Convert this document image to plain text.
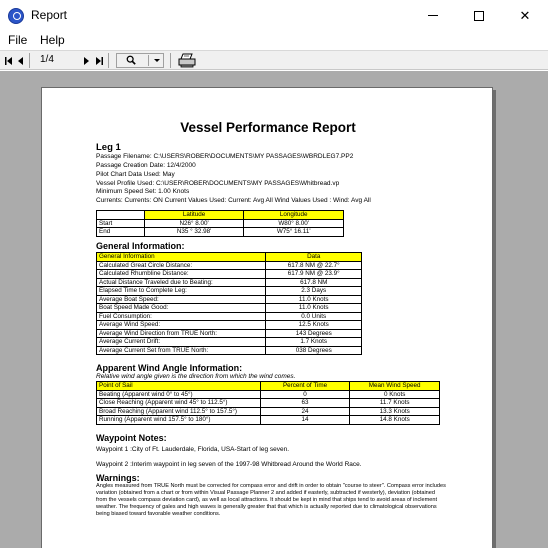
Report	✕
File Help
1/4
Vessel Performance Report
Leg 1
Passage Filename: C:\USERS\ROBER\DOCUMENTS\MY PASSAGES\WBRDLEG7.PP2
Passage Creation Date: 12/4/2000
Pilot Chart Data Used: May
Vessel Profile Used: C:\USER\ROBER\DOCUMENTS\MY PASSAGES\Whitbread.vp
Minimum Speed Set: 1.00 Knots
Currents: Currents: ON Current Values Used: Current: Avg All Wind Values Used : Wind: Avg All
	Latitude	Longitude
Start	N26° 8.00'	W80° 8.00'
End	N35 ° 32.98'	W75° 16.11'
General Information:
General Information	Data
Calculated Great Circle Distance:	617.8 NM @ 22.7°
Calculated Rhumbline Distance:	617.9 NM @ 23.9°
Actual Distance Traveled due to Beating:	617.8 NM
Elapsed Time to Complete Leg:	2.3 Days
Average Boat Speed:	11.0 Knots
Boat Speed Made Good:	11.0 Knots
Fuel Consumption:	0.0 Units
Average Wind Speed:	12.5 Knots
Average Wind Direction from TRUE North:	143 Degrees
Average Current Drift:	1.7 Knots
Average Current Set from TRUE North:	038 Degrees
Apparent Wind Angle Information:
Relative wind angle given is the direction from which the wind comes.
Point of Sail	Percent of Time	Mean Wind Speed
Beating (Apparent wind 0° to 45°)	0	0 Knots
Close Reaching (Apparent wind 45° to 112.5°)	63	11.7 Knots
Broad Reaching (Apparent wind 112.5° to 157.5°)	24	13.3 Knots
Running (Apparent wind 157.5° to 180°)	14	14.8 Knots
Waypoint Notes:
Waypoint 1 :City of Ft. Lauderdale, Florida, USA-Start of leg seven.
Waypoint 2 :Interim waypoint in leg seven of the 1997-98 Whitbread Around the World Race.
Warnings:
Angles measured from TRUE North must be corrected for compass error and drift in order to obtain "course to steer". Compass error includes variation (obtained from a chart or from within Visual Passage Planner 2 and added if easterly, subtracted if westerly), deviation (obtained from the vessels compass deviation card), as well as local attractions. It should be kept in mind that ships tend to avoid areas of inclement weather. The frequency of gales and high waves is generally greater that that which is actually reported due to climatological observations being biased toward favorable weather conditions.
